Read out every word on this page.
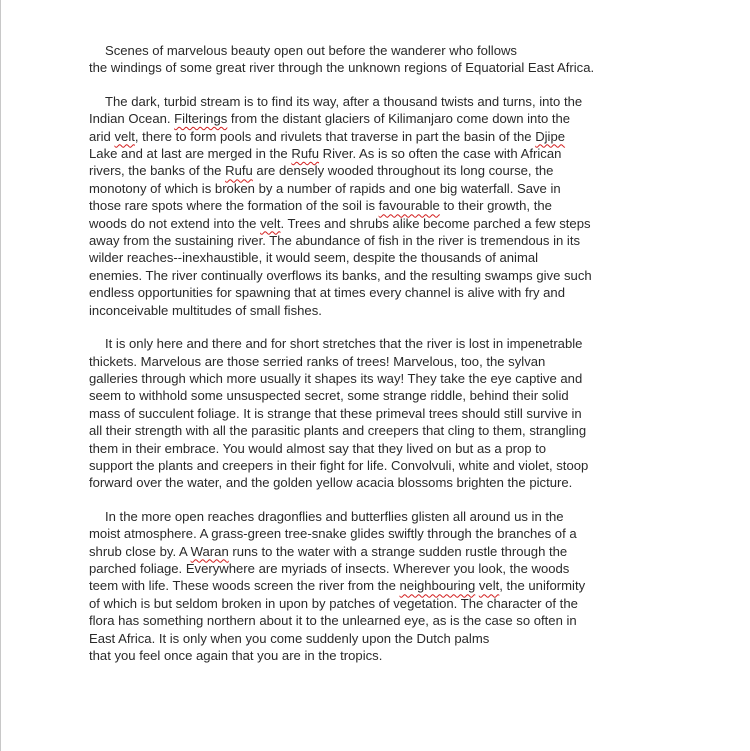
Scenes of marvelous beauty open out before the wanderer who follows
the windings of some great river through the unknown regions of Equatorial East Africa.
The dark, turbid stream is to find its way, after a thousand twists and turns, into the
Indian Ocean. Filterings from the distant glaciers of Kilimanjaro come down into the
arid velt, there to form pools and rivulets that traverse in part the basin of the Djipe
Lake and at last are merged in the Rufu River. As is so often the case with African
rivers, the banks of the Rufu are densely wooded throughout its long course, the
monotony of which is broken by a number of rapids and one big waterfall. Save in
those rare spots where the formation of the soil is favourable to their growth, the
woods do not extend into the velt. Trees and shrubs alike become parched a few steps
away from the sustaining river. The abundance of fish in the river is tremendous in its
wilder reaches--inexhaustible, it would seem, despite the thousands of animal
enemies. The river continually overflows its banks, and the resulting swamps give such
endless opportunities for spawning that at times every channel is alive with fry and
inconceivable multitudes of small fishes.
It is only here and there and for short stretches that the river is lost in impenetrable
thickets. Marvelous are those serried ranks of trees! Marvelous, too, the sylvan
galleries through which more usually it shapes its way! They take the eye captive and
seem to withhold some unsuspected secret, some strange riddle, behind their solid
mass of succulent foliage. It is strange that these primeval trees should still survive in
all their strength with all the parasitic plants and creepers that cling to them, strangling
them in their embrace. You would almost say that they lived on but as a prop to
support the plants and creepers in their fight for life. Convolvuli, white and violet, stoop
forward over the water, and the golden yellow acacia blossoms brighten the picture.
In the more open reaches dragonflies and butterflies glisten all around us in the
moist atmosphere. A grass-green tree-snake glides swiftly through the branches of a
shrub close by. A Waran runs to the water with a strange sudden rustle through the
parched foliage. Everywhere are myriads of insects. Wherever you look, the woods
teem with life. These woods screen the river from the neighbouring velt, the uniformity
of which is but seldom broken in upon by patches of vegetation. The character of the
flora has something northern about it to the unlearned eye, as is the case so often in
East Africa. It is only when you come suddenly upon the Dutch palms
that you feel once again that you are in the tropics.
